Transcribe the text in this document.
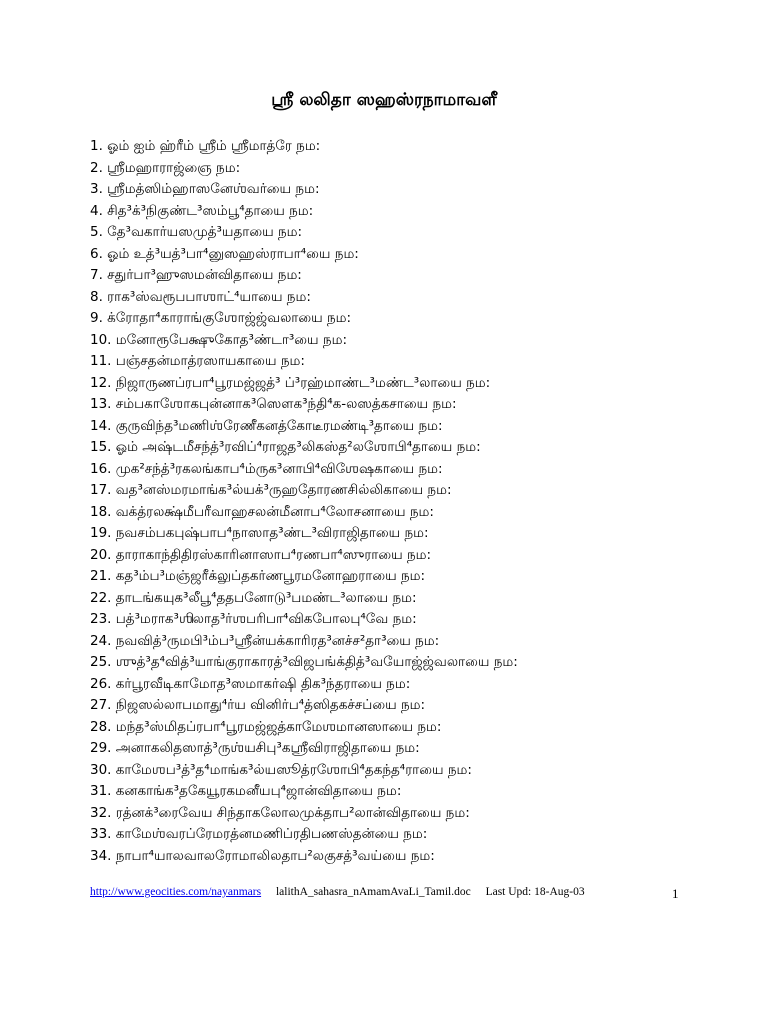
ஶ்ரீ லலிதா ஸஹஸ்ரநாமாவளீ
1. ஓம் ஐம் ஹ்ரீம் ஶ்ரீம் ஶ்ரீமாத்ரே நம:
2. ஶ்ரீமஹாராஜ்ஞை நம:
3. ஶ்ரீமத்ஸிம்ஹாஸனேஶ்வர்யை நம:
4. சித³க்³நிகுண்ட³ஸம்பூ⁴தாயை நம:
5. தே³வகார்யஸமுத்³யதாயை நம:
6. ஓம் உத்³யத்³பா⁴னுஸஹஸ்ராபா⁴யை நம:
7. சதுர்பா³ஹுஸமன்விதாயை நம:
8. ராக³ஸ்வரூபபாஶாட்⁴யாயை நம:
9. க்ரோதா⁴காராங்குஶோஜ்ஜ்வலாயை நம:
10. மனோரூபேக்ஷுகோத³ண்டா³யை நம:
11. பஞ்சதன்மாத்ரஸாயகாயை நம:
12. நிஜாருணப்ரபா⁴பூரமஜ்ஜத்³ ப்³ரஹ்மாண்ட³மண்ட³லாயை நம:
13. சம்பகாஶோகபுன்னாக³ஸௌக³ந்தி⁴க-லஸத்கசாயை நம:
14. குருவிந்த³மணிஶ்ரேணீகனத்கோடீரமண்டி³தாயை நம:
15. ஓம் அஷ்டமீசந்த்³ரவிப்⁴ராஜத³லிகஸ்த²லஶோபி⁴தாயை நம:
16. முக²சந்த்³ரகலங்காப⁴ம்ருக³னாபி⁴விஶேஷகாயை நம:
17. வத³னஸ்மரமாங்க³ல்யக்³ருஹதோரணசில்லிகாயை நம:
18. வக்த்ரலக்ஷ்மீபரீவாஹசலன்மீனாப⁴லோசனாயை நம:
19. நவசம்பகபுஷ்பாப⁴நாஸாத³ண்ட³விராஜிதாயை நம:
20. தாராகாந்திதிரஸ்காரினாஸாப⁴ரணபா⁴ஸுராயை நம:
21. கத³ம்ப³மஞ்ஜரீக்லுப்தகர்ணபூரமனோஹராயை நம:
22. தாடங்கயுக³லீபூ⁴ததபனோடு³பமண்ட³லாயை நம:
23. பத்³மராக³ஶிலாத³ர்ஶபரிபா⁴விகபோலபு⁴வே நம:
24. நவவித்³ருமபி³ம்ப³ஶ்ரீன்யக்காரிரத³னச்ச²தா³யை நம:
25. ஶுத்³த⁴வித்³யாங்குராகாரத்³விஜபங்க்தித்³வயோஜ்ஜ்வலாயை நம:
26. கர்பூரவீடிகாமோத³ஸமாகர்ஷி திக³ந்தராயை நம:
27. நிஜஸல்லாபமாது⁴ர்ய வினிர்ப⁴த்ஸிதகச்சப்யை நம:
28. மந்த³ஸ்மிதப்ரபா⁴பூரமஜ்ஜத்காமேஶமானஸாயை நம:
29. அனாகலிதஸாத்³ருஶ்யசிபு³கஶ்ரீவிராஜிதாயை நம:
30. காமேஶப³த்³த⁴மாங்க³ல்யஸூத்ரஶோபி⁴தகந்த⁴ராயை நம:
31. கனகாங்க³தகேயூரகமனீயபு⁴ஜான்விதாயை நம:
32. ரத்னக்³ரைவேய சிந்தாகலோலமுக்தாப²லான்விதாயை நம:
33. காமேஶ்வரப்ரேமரத்னமணிப்ரதிபணஸ்தன்யை நம:
34. நாபா⁴யாலவாலரோமாலிலதாப²லகுசத்³வய்யை நம:
http://www.geocities.com/nayanmars lalithA_sahasra_nAmamAvaLi_Tamil.doc Last Upd: 18-Aug-03	1
